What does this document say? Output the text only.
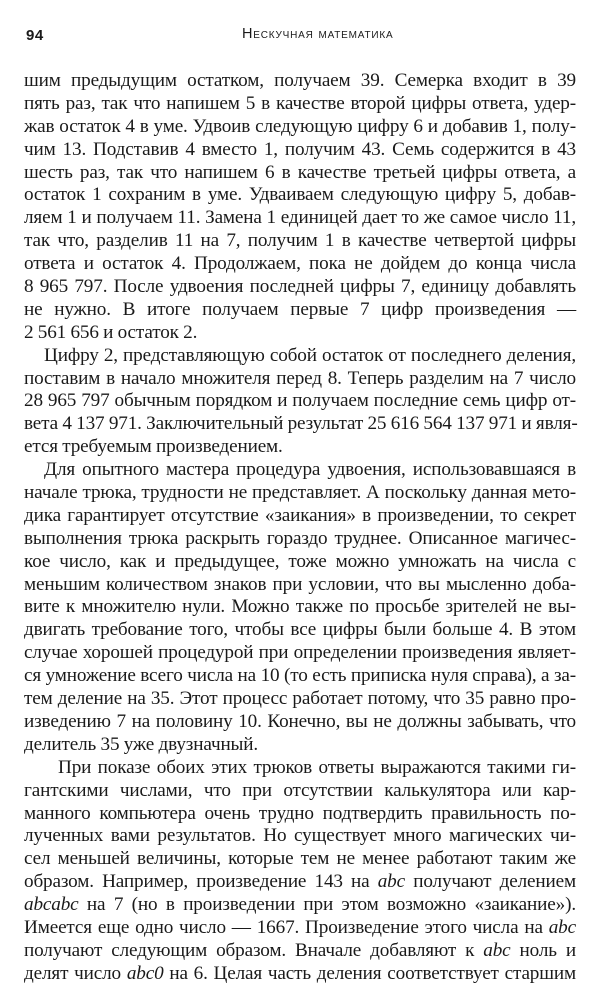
94	Нескучная математика
шим предыдущим остатком, получаем 39. Семерка входит в 39
пять раз, так что напишем 5 в качестве второй цифры ответа, удер-
жав остаток 4 в уме. Удвоив следующую цифру 6 и добавив 1, полу-
чим 13. Подставив 4 вместо 1, получим 43. Семь содержится в 43
шесть раз, так что напишем 6 в качестве третьей цифры ответа, а
остаток 1 сохраним в уме. Удваиваем следующую цифру 5, добав-
ляем 1 и получаем 11. Замена 1 единицей дает то же самое число 11,
так что, разделив 11 на 7, получим 1 в качестве четвертой цифры
ответа и остаток 4. Продолжаем, пока не дойдем до конца числа
8 965 797. После удвоения последней цифры 7, единицу добавлять
не нужно. В итоге получаем первые 7 цифр произведения —
2 561 656 и остаток 2.
Цифру 2, представляющую собой остаток от последнего деления,
поставим в начало множителя перед 8. Теперь разделим на 7 число
28 965 797 обычным порядком и получаем последние семь цифр от-
вета 4 137 971. Заключительный результат 25 616 564 137 971 и явля-
ется требуемым произведением.
Для опытного мастера процедура удвоения, использовавшаяся в
начале трюка, трудности не представляет. А поскольку данная мето-
дика гарантирует отсутствие «заикания» в произведении, то секрет
выполнения трюка раскрыть гораздо труднее. Описанное магичес-
кое число, как и предыдущее, тоже можно умножать на числа с
меньшим количеством знаков при условии, что вы мысленно доба-
вите к множителю нули. Можно также по просьбе зрителей не вы-
двигать требование того, чтобы все цифры были больше 4. В этом
случае хорошей процедурой при определении произведения являет-
ся умножение всего числа на 10 (то есть приписка нуля справа), а за-
тем деление на 35. Этот процесс работает потому, что 35 равно про-
изведению 7 на половину 10. Конечно, вы не должны забывать, что
делитель 35 уже двузначный.
При показе обоих этих трюков ответы выражаются такими ги-
гантскими числами, что при отсутствии калькулятора или кар-
манного компьютера очень трудно подтвердить правильность по-
лученных вами результатов. Но существует много магических чи-
сел меньшей величины, которые тем не менее работают таким же
образом. Например, произведение 143 на abc получают делением
abcabc на 7 (но в произведении при этом возможно «заикание»).
Имеется еще одно число — 1667. Произведение этого числа на abc
получают следующим образом. Вначале добавляют к abc ноль и
делят число abc0 на 6. Целая часть деления соответствует старшим
